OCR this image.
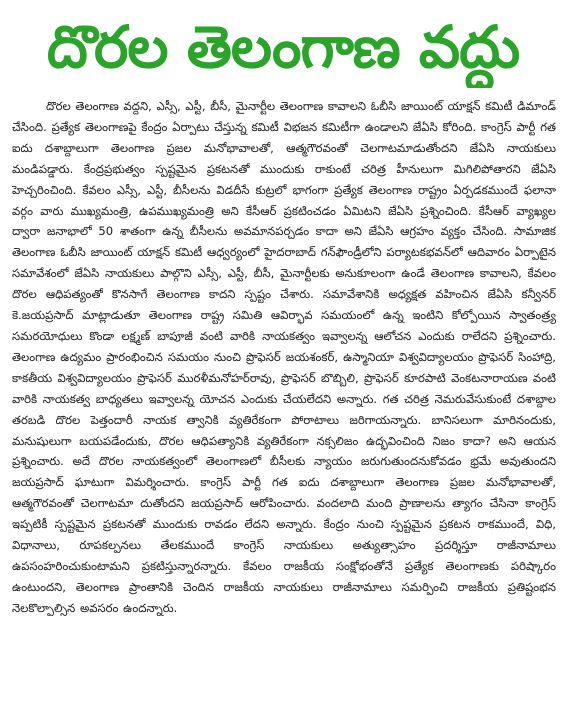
దొరల తెలంగాణ వద్దు

దొరల తెలంగాణ వద్దని, ఎస్సీ, ఎస్టీ, బీసీ, మైనార్టీల తెలంగాణ కావాలని ఓబీసి జాయింట్ యాక్షన్ కమిటీ డిమాండ్ చేసింది. ప్రత్యేక తెలంగాణపై కేంద్రం ఏర్పాటు చేస్తున్న కమిటీ విభజన కమిటీగా ఉండాలని జేఏసి కోరింది. కాంగ్రెస్ పార్టీ గత ఐదు దశాబ్దాలుగా తెలంగాణ ప్రజల మనోభావాలతో, ఆత్మగౌరవంతో చెలగాటమాడుతోందని జేఏసి నాయకులు మండిపడ్డారు. కేంద్రప్రభుత్వం స్పష్టమైన ప్రకటనతో ముందుకు రాకుంటే చరిత్ర హీనులుగా మిగిలిపోతారని జేఏసి హెచ్చరించింది. కేవలం ఎస్సీ, ఎస్టీ, బీసీలను విడదీసే కుట్రలో భాగంగా ప్రత్యేక తెలంగాణ రాష్ట్రం ఏర్పడకముందే ఫలానా వర్గం వారు ముఖ్యమంత్రి, ఉపముఖ్యమంత్రి అని కేసీఆర్ ప్రకటించడం ఏమిటని జేఏసి ప్రశ్నించింది. కేసీఆర్ వ్యాఖ్యల ద్వారా జనాభాలో 50 శాతంగా ఉన్న బీసీలను అవమానపర్చడం కాదా అని జేఏసి ఆగ్రహం వ్యక్తం చేసింది. సామాజిక తెలంగాణ ఓబీసి జాయింట్ యాక్షన్ కమిటీ ఆధ్వర్యంలో హైదరాబాద్ గన్‌ఫౌండ్రీలోని పర్యాటకభవన్‌లో ఆదివారం ఏర్పాటైన సమావేశంలో జేఏసి నాయకులు పాల్గొని ఎస్సీ, ఎస్టీ, బీసీ, మైనార్టీలకు అనుకూలంగా ఉండే తెలంగాణ కావాలని, కేవలం దొరల ఆధిపత్యంతో కొనసాగే తెలంగాణ కాదని స్పష్టం చేశారు. సమావేశానికి అధ్యక్షత వహించిన జేఏసి కన్వీనర్ కె.జయప్రసాద్ మాట్లాడుతూ తెలంగాణ రాష్ట్ర సమితి ఆవిర్భావ సమయంలో ఉన్న ఇంటిని కోల్పోయిన స్వాతంత్ర్య సమరయోధులు కొండా లక్ష్మణ్ బాపూజీ వంటి వారికి నాయకత్వం ఇవ్వాలన్న ఆలోచన ఎందుకు రాలేదని ప్రశ్నించారు. తెలంగాణ ఉద్యమం ప్రారంభించిన సమయం నుంచి ప్రొఫెసర్ జయశంకర్, ఉస్మానియా విశ్వవిద్యాలయం ప్రొఫెసర్ సింహాద్రి, కాకతీయ విశ్వవిద్యాలయం ప్రొఫెసర్ మురళీమనోహర్‌రావు, ప్రొఫెసర్ బొబ్బిలి, ప్రొఫెసర్ కూరపాటి వెంకటనారాయణ వంటి వారికి నాయకత్వ బాధ్యతలు ఇవ్వాలన్న యోచన ఎందుకు చేయలేదని అన్నారు. గత చరిత్ర నెమరువేసుకుంటే దశాబ్దాల తరబడి దొరల పెత్తందారీ నాయక త్వానికి వ్యతిరేకంగా పోరాటాలు జరిగాయన్నారు. బానిసలుగా మారినందుకు, మనుషులుగా బయపడేందుకు, దొరల ఆధిపత్యానికి వ్యతిరేకంగా నక్సలిజం ఉద్భవించింది నిజం కాదా? అని ఆయన ప్రశ్నించారు. అదే దొరల నాయకత్వంలో తెలంగాణలో బీసీలకు న్యాయం జరుగుతుందనుకోవడం భ్రమే అవుతుందని జయప్రసాద్ ఘాటుగా విమర్శించారు. కాంగ్రెస్ పార్టీ గత ఐదు దశాబ్దాలుగా తెలంగాణ ప్రజల మనోభావాలతో, ఆత్మగౌరవంతో చెలగాటమా దుతోందని జయప్రసాద్ ఆరోపించారు. వందలాది మంది ప్రాణాలను త్యాగం చేసినా కాంగ్రెస్ ఇప్పటికీ స్పష్టమైన ప్రకటనతో ముందుకు రావడం లేదని అన్నారు. కేంద్రం నుంచి స్పష్టమైన ప్రకటన రాకముందే, విధి, విధానాలు, రూపకల్పనలు తేలకముందే కాంగ్రెస్ నాయకులు అత్యుత్సాహం ప్రదర్శిస్తూ రాజీనామాలు ఉపసంహరించుకుంటామని ప్రకటిస్తున్నారన్నారు. కేవలం రాజకీయ సంక్షోభంతోనే ప్రత్యేక తెలంగాణకు పరిష్కారం ఉంటుందని, తెలంగాణ ప్రాంతానికి చెందిన రాజకీయ నాయకులు రాజీనామాలు సమర్పించి రాజకీయ ప్రతిష్టంభన నెలకొల్పాల్సిన అవసరం ఉందన్నారు.
